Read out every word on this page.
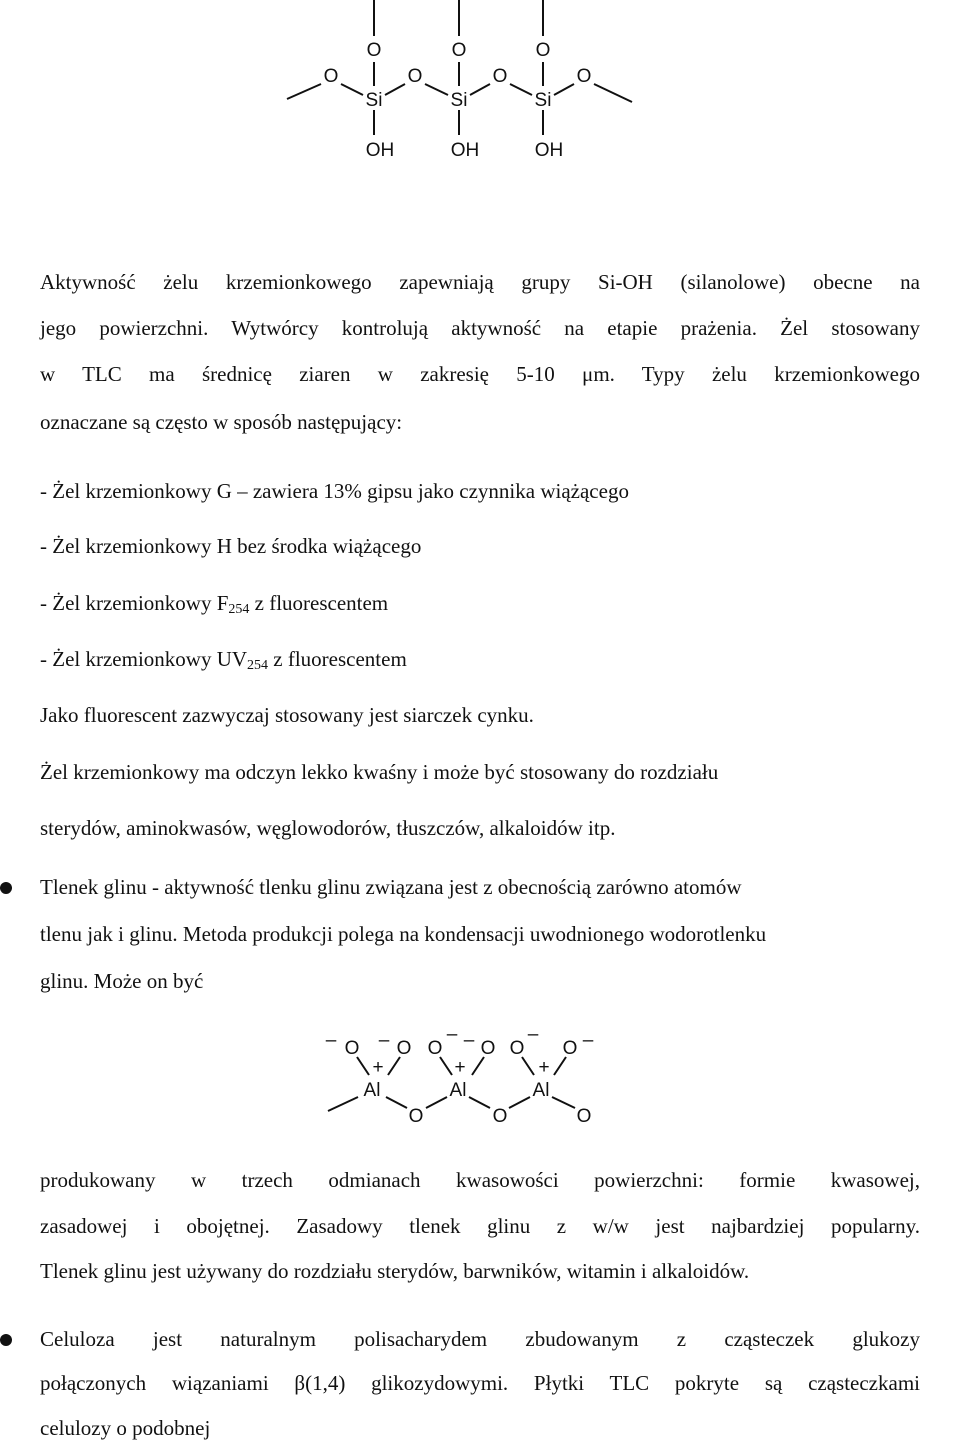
O	O	O
O	O	O	O
Si	Si	Si
OH	OH	OH
Aktywność żelu krzemionkowego zapewniają grupy Si-OH (silanolowe) obecne na
jego powierzchni. Wytwórcy kontrolują aktywność na etapie prażenia. Żel stosowany
w TLC ma średnicę ziaren w zakresię 5-10 μm. Typy żelu krzemionkowego
oznaczane są często w sposób następujący:
- Żel krzemionkowy G – zawiera 13% gipsu jako czynnika wiążącego
- Żel krzemionkowy H bez środka wiążącego
- Żel krzemionkowy $F_{254}$ z fluorescentem
- Żel krzemionkowy $UV_{254}$ z fluorescentem
Jako fluorescent zazwyczaj stosowany jest siarczek cynku.
Żel krzemionkowy ma odczyn lekko kwaśny i może być stosowany do rozdziału
sterydów, aminokwasów, węglowodorów, tłuszczów, alkaloidów itp.
Tlenek glinu - aktywność tlenku glinu związana jest z obecnością zarówno atomów
tlenu jak i glinu. Metoda produkcji polega na kondensacji uwodnionego wodorotlenku
glinu. Może on być
O O O O O O
– –	– –	– –
+	+	+
Al	Al	Al
O	O	O
produkowany w trzech odmianach kwasowości powierzchni: formie kwasowej,
zasadowej i obojętnej. Zasadowy tlenek glinu z w/w jest najbardziej popularny.
Tlenek glinu jest używany do rozdziału sterydów, barwników, witamin i alkaloidów.
Celuloza jest naturalnym polisacharydem zbudowanym z cząsteczek glukozy
połączonych wiązaniami β(1,4) glikozydowymi. Płytki TLC pokryte są cząsteczkami
celulozy o podobnej
